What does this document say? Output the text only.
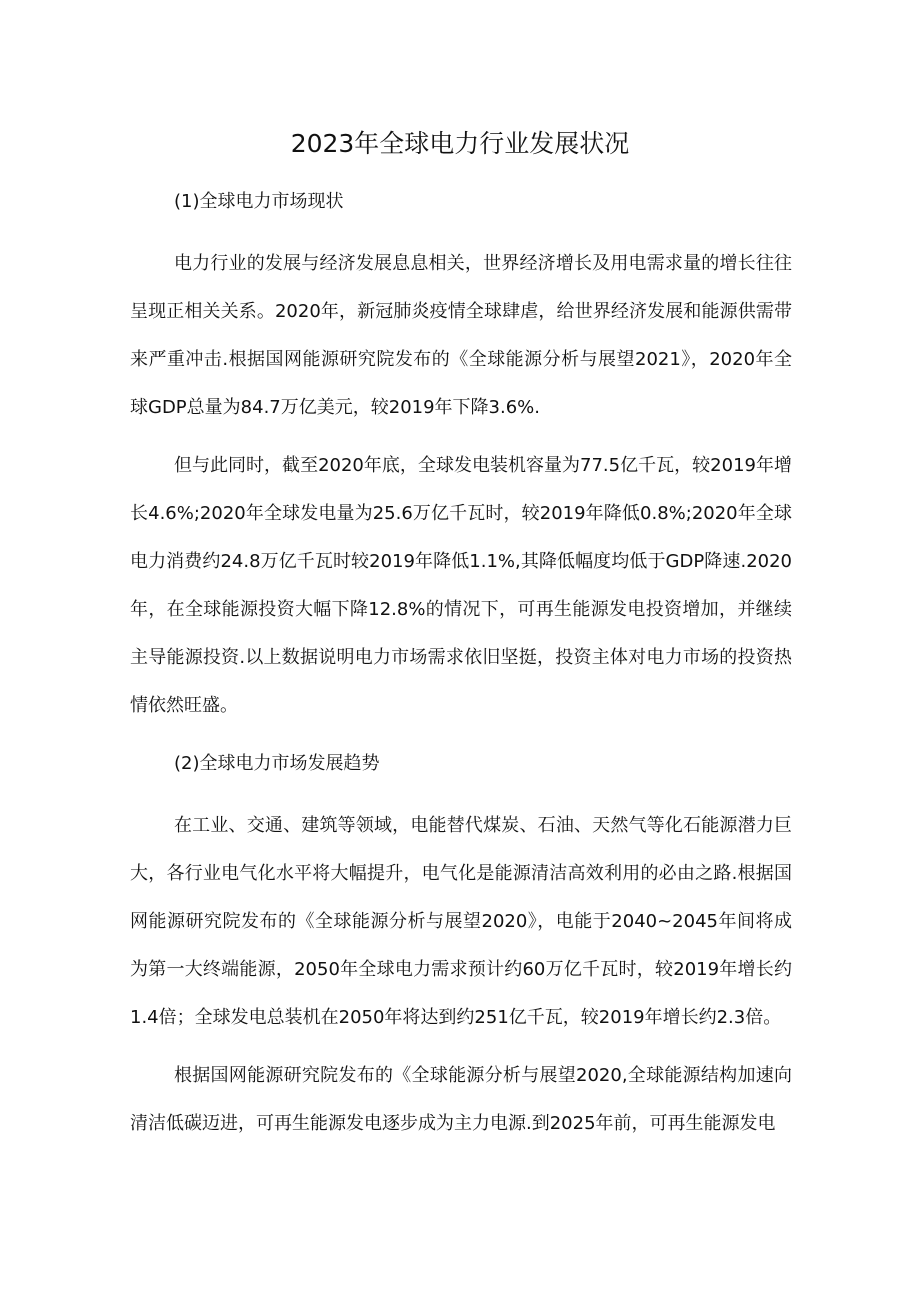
2023年全球电力行业发展状况
(1)全球电力市场现状

电力行业的发展与经济发展息息相关，世界经济增长及用电需求量的增长往往呈现正相关关系。2020年，新冠肺炎疫情全球肆虐，给世界经济发展和能源供需带来严重冲击.根据国网能源研究院发布的《全球能源分析与展望2021》，2020年全球GDP总量为84.7万亿美元，较2019年下降3.6%.

但与此同时，截至2020年底，全球发电装机容量为77.5亿千瓦，较2019年增长4.6%;2020年全球发电量为25.6万亿千瓦时，较2019年降低0.8%;2020年全球电力消费约24.8万亿千瓦时较2019年降低1.1%,其降低幅度均低于GDP降速.2020年，在全球能源投资大幅下降12.8%的情况下，可再生能源发电投资增加，并继续主导能源投资.以上数据说明电力市场需求依旧坚挺，投资主体对电力市场的投资热情依然旺盛。

(2)全球电力市场发展趋势

在工业、交通、建筑等领域，电能替代煤炭、石油、天然气等化石能源潜力巨大，各行业电气化水平将大幅提升，电气化是能源清洁高效利用的必由之路.根据国网能源研究院发布的《全球能源分析与展望2020》，电能于2040~2045年间将成为第一大终端能源，2050年全球电力需求预计约60万亿千瓦时，较2019年增长约1.4倍；全球发电总装机在2050年将达到约251亿千瓦，较2019年增长约2.3倍。

根据国网能源研究院发布的《全球能源分析与展望2020,全球能源结构加速向清洁低碳迈进，可再生能源发电逐步成为主力电源.到2025年前，可再生能源发电
